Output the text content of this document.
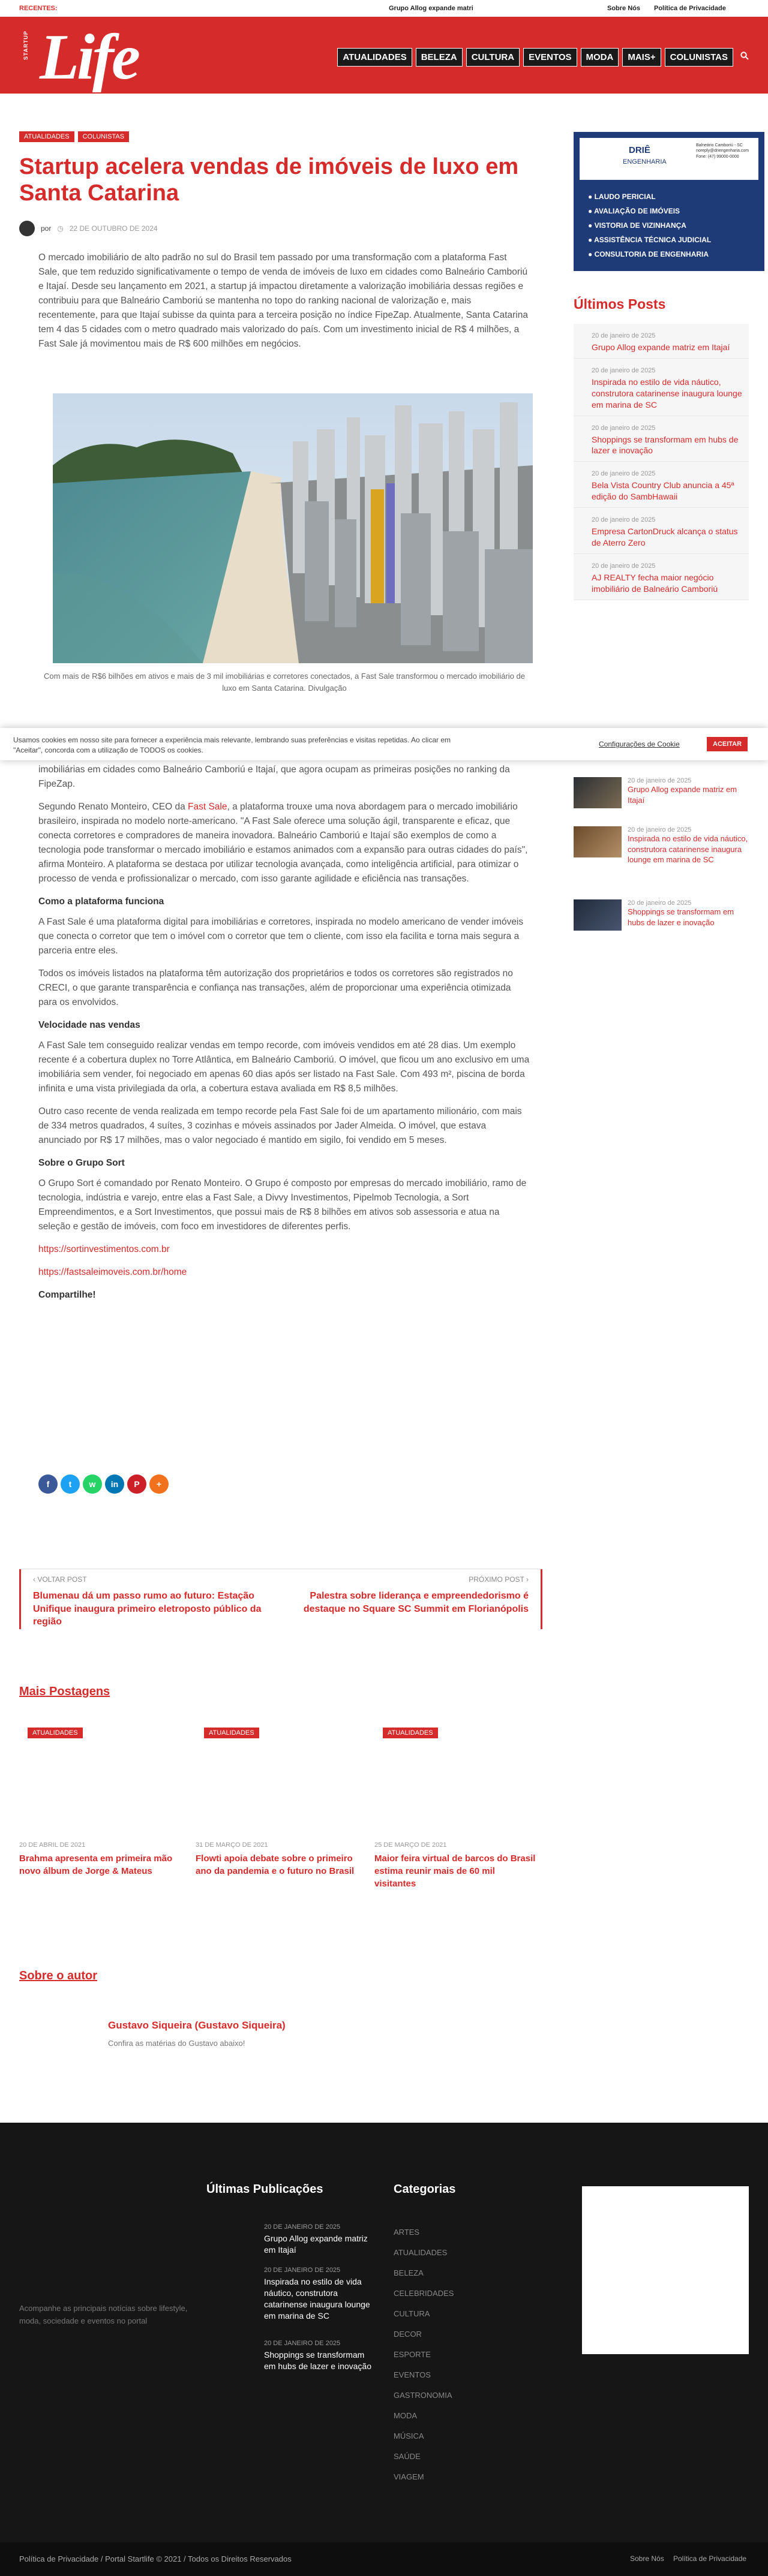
RECENTES:	Grupo Allog expande matri	Sobre Nós Política de Privacidade
Life
STARTUP	ATUALIDADES	BELEZA	CULTURA	EVENTOS	MODA	MAIS+	COLUNISTAS
ATUALIDADES COLUNISTAS
Startup acelera vendas de imóveis de luxo em Santa Catarina
por ◷ 22 DE OUTUBRO DE 2024

O mercado imobiliário de alto padrão no sul do Brasil tem passado por uma transformação com a plataforma Fast Sale, que tem reduzido significativamente o tempo de venda de imóveis de luxo em cidades como Balneário Camboriú e Itajaí. Desde seu lançamento em 2021, a startup já impactou diretamente a valorização imobiliária dessas regiões e contribuiu para que Balneário Camboriú se mantenha no topo do ranking nacional de valorização e, mais recentemente, para que Itajaí subisse da quinta para a terceira posição no índice FipeZap. Atualmente, Santa Catarina tem 4 das 5 cidades com o metro quadrado mais valorizado do país. Com um investimento inicial de R$ 4 milhões, a Fast Sale já movimentou mais de R$ 600 milhões em negócios.

Com mais de R$6 bilhões em ativos e mais de 3 mil imobiliárias e corretores conectados, a Fast Sale transformou o mercado imobiliário de luxo em Santa Catarina. Divulgação

imobiliárias em cidades como Balneário Camboriú e Itajaí, que agora ocupam as primeiras posições no ranking da FipeZap.

Segundo Renato Monteiro, CEO da Fast Sale, a plataforma trouxe uma nova abordagem para o mercado imobiliário brasileiro, inspirada no modelo norte-americano. "A Fast Sale oferece uma solução ágil, transparente e eficaz, que conecta corretores e compradores de maneira inovadora. Balneário Camboriú e Itajaí são exemplos de como a tecnologia pode transformar o mercado imobiliário e estamos animados com a expansão para outras cidades do país", afirma Monteiro. A plataforma se destaca por utilizar tecnologia avançada, como inteligência artificial, para otimizar o processo de venda e profissionalizar o mercado, com isso garante agilidade e eficiência nas transações.

Como a plataforma funciona

A Fast Sale é uma plataforma digital para imobiliárias e corretores, inspirada no modelo americano de vender imóveis que conecta o corretor que tem o imóvel com o corretor que tem o cliente, com isso ela facilita e torna mais segura a parceria entre eles.

Todos os imóveis listados na plataforma têm autorização dos proprietários e todos os corretores são registrados no CRECI, o que garante transparência e confiança nas transações, além de proporcionar uma experiência otimizada para os envolvidos.

Velocidade nas vendas

A Fast Sale tem conseguido realizar vendas em tempo recorde, com imóveis vendidos em até 28 dias. Um exemplo recente é a cobertura duplex no Torre Atlântica, em Balneário Camboriú. O imóvel, que ficou um ano exclusivo em uma imobiliária sem vender, foi negociado em apenas 60 dias após ser listado na Fast Sale. Com 493 m², piscina de borda infinita e uma vista privilegiada da orla, a cobertura estava avaliada em R$ 8,5 milhões.

Outro caso recente de venda realizada em tempo recorde pela Fast Sale foi de um apartamento milionário, com mais de 334 metros quadrados, 4 suítes, 3 cozinhas e móveis assinados por Jader Almeida. O imóvel, que estava anunciado por R$ 17 milhões, mas o valor negociado é mantido em sigilo, foi vendido em 5 meses.

Sobre o Grupo Sort

O Grupo Sort é comandado por Renato Monteiro. O Grupo é composto por empresas do mercado imobiliário, ramo de tecnologia, indústria e varejo, entre elas a Fast Sale, a Divvy Investimentos, Pipelmob Tecnologia, a Sort Empreendimentos, e a Sort Investimentos, que possui mais de R$ 8 bilhões em ativos sob assessoria e atua na seleção e gestão de imóveis, com foco em investidores de diferentes perfis.

https://sortinvestimentos.com.br

https://fastsaleimoveis.com.br/home

Compartilhe!

f	t	w	in	P	+
Usamos cookies em nosso site para fornecer a experiência mais relevante, lembrando suas preferências e visitas repetidas. Ao clicar em "Aceitar", concorda com a utilização de TODOS os cookies.
Configurações de Cookie	ACEITAR
‹ VOLTAR POST
Blumenau dá um passo rumo ao futuro: Estação Unifique inaugura primeiro eletroposto público da região
PRÓXIMO POST ›
Palestra sobre liderança e empreendedorismo é destaque no Square SC Summit em Florianópolis
Mais Postagens
ATUALIDADES
20 DE ABRIL DE 2021
Brahma apresenta em primeira mão novo álbum de Jorge & Mateus
ATUALIDADES
31 DE MARÇO DE 2021
Flowti apoia debate sobre o primeiro ano da pandemia e o futuro no Brasil
ATUALIDADES
25 DE MARÇO DE 2021
Maior feira virtual de barcos do Brasil estima reunir mais de 60 mil visitantes
Sobre o autor
Gustavo Siqueira (Gustavo Siqueira)
Confira as matérias do Gustavo abaixo!
DRIÊ
ENGENHARIA
Balneário Camboriú - SC
noreply@driengenharia.com
Fone: (47) 99000-0000
● LAUDO PERICIAL
● AVALIAÇÃO DE IMÓVEIS
● VISTORIA DE VIZINHANÇA
● ASSISTÊNCIA TÉCNICA JUDICIAL
● CONSULTORIA DE ENGENHARIA
Últimos Posts
20 de janeiro de 2025
Grupo Allog expande matriz em Itajaí
20 de janeiro de 2025
Inspirada no estilo de vida náutico, construtora catarinense inaugura lounge em marina de SC
20 de janeiro de 2025
Shoppings se transformam em hubs de lazer e inovação
20 de janeiro de 2025
Bela Vista Country Club anuncia a 45ª edição do SambHawaii
20 de janeiro de 2025
Empresa CartonDruck alcança o status de Aterro Zero
20 de janeiro de 2025
AJ REALTY fecha maior negócio imobiliário de Balneário Camboriú
20 de janeiro de 2025
Grupo Allog expande matriz em Itajaí
20 de janeiro de 2025
Inspirada no estilo de vida náutico, construtora catarinense inaugura lounge em marina de SC
20 de janeiro de 2025
Shoppings se transformam em hubs de lazer e inovação
Acompanhe as principais notícias sobre lifestyle, moda, sociedade e eventos no portal
Últimas Publicações
20 DE JANEIRO DE 2025
Grupo Allog expande matriz em Itajaí
20 DE JANEIRO DE 2025
Inspirada no estilo de vida náutico, construtora catarinense inaugura lounge em marina de SC
20 DE JANEIRO DE 2025
Shoppings se transformam em hubs de lazer e inovação
Categorias
ARTES
ATUALIDADES
BELEZA
CELEBRIDADES
CULTURA
DECOR
ESPORTE
EVENTOS
GASTRONOMIA
MODA
MÚSICA
SAÚDE
VIAGEM
Política de Privacidade / Portal Startlife © 2021 / Todos os Direitos Reservados	Sobre Nós Política de Privacidade
